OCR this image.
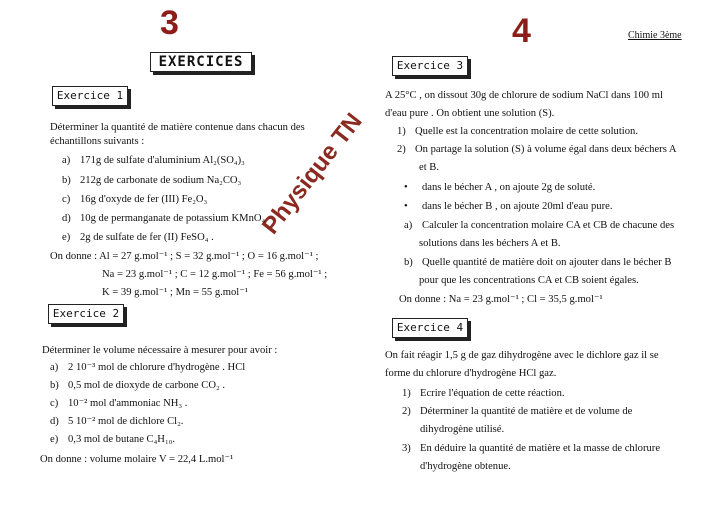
3	4	Chimie 3ème
EXERCICES
Physique TN
Exercice 1
Déterminer la quantité de matière contenue dans chacun des
échantillons suivants :
a) 171g de sulfate d'aluminium Al₂(SO₄)₃
b) 212g de carbonate de sodium Na₂CO₃
c) 16g d'oxyde de fer (III) Fe₂O₃
d) 10g de permanganate de potassium KMnO₄
e) 2g de sulfate de fer (II) FeSO₄ .
On donne : Al = 27 g.mol⁻¹ ; S = 32 g.mol⁻¹ ; O = 16 g.mol⁻¹ ;
Na = 23 g.mol⁻¹ ; C = 12 g.mol⁻¹ ; Fe = 56 g.mol⁻¹ ;
K = 39 g.mol⁻¹ ; Mn = 55 g.mol⁻¹
Exercice 2
Déterminer le volume nécessaire à mesurer pour avoir :
a) 2 10⁻³ mol de chlorure d'hydrogène . HCl
b) 0,5 mol de dioxyde de carbone CO₂ .
c) 10⁻² mol d'ammoniac NH₃ .
d) 5 10⁻² mol de dichlore Cl₂.
e) 0,3 mol de butane C₄H₁₀.
On donne : volume molaire V = 22,4 L.mol⁻¹
Exercice 3
A 25°C , on dissout 30g de chlorure de sodium NaCl dans 100 ml
d'eau pure . On obtient une solution (S).
1) Quelle est la concentration molaire de cette solution.
2) On partage la solution (S) à volume égal dans deux béchers A
et B.
• dans le bécher A , on ajoute 2g de soluté.
• dans le bécher B , on ajoute 20ml d'eau pure.
a) Calculer la concentration molaire CA et CB de chacune des
solutions dans les béchers A et B.
b) Quelle quantité de matière doit on ajouter dans le bécher B
pour que les concentrations CA et CB soient égales.
On donne : Na = 23 g.mol⁻¹ ; Cl = 35,5 g.mol⁻¹
Exercice 4
On fait réagir 1,5 g de gaz dihydrogène avec le dichlore gaz il se
forme du chlorure d'hydrogène HCl gaz.
1) Ecrire l'équation de cette réaction.
2) Déterminer la quantité de matière et de volume de
dihydrogène utilisé.
3) En déduire la quantité de matière et la masse de chlorure
d'hydrogène obtenue.
